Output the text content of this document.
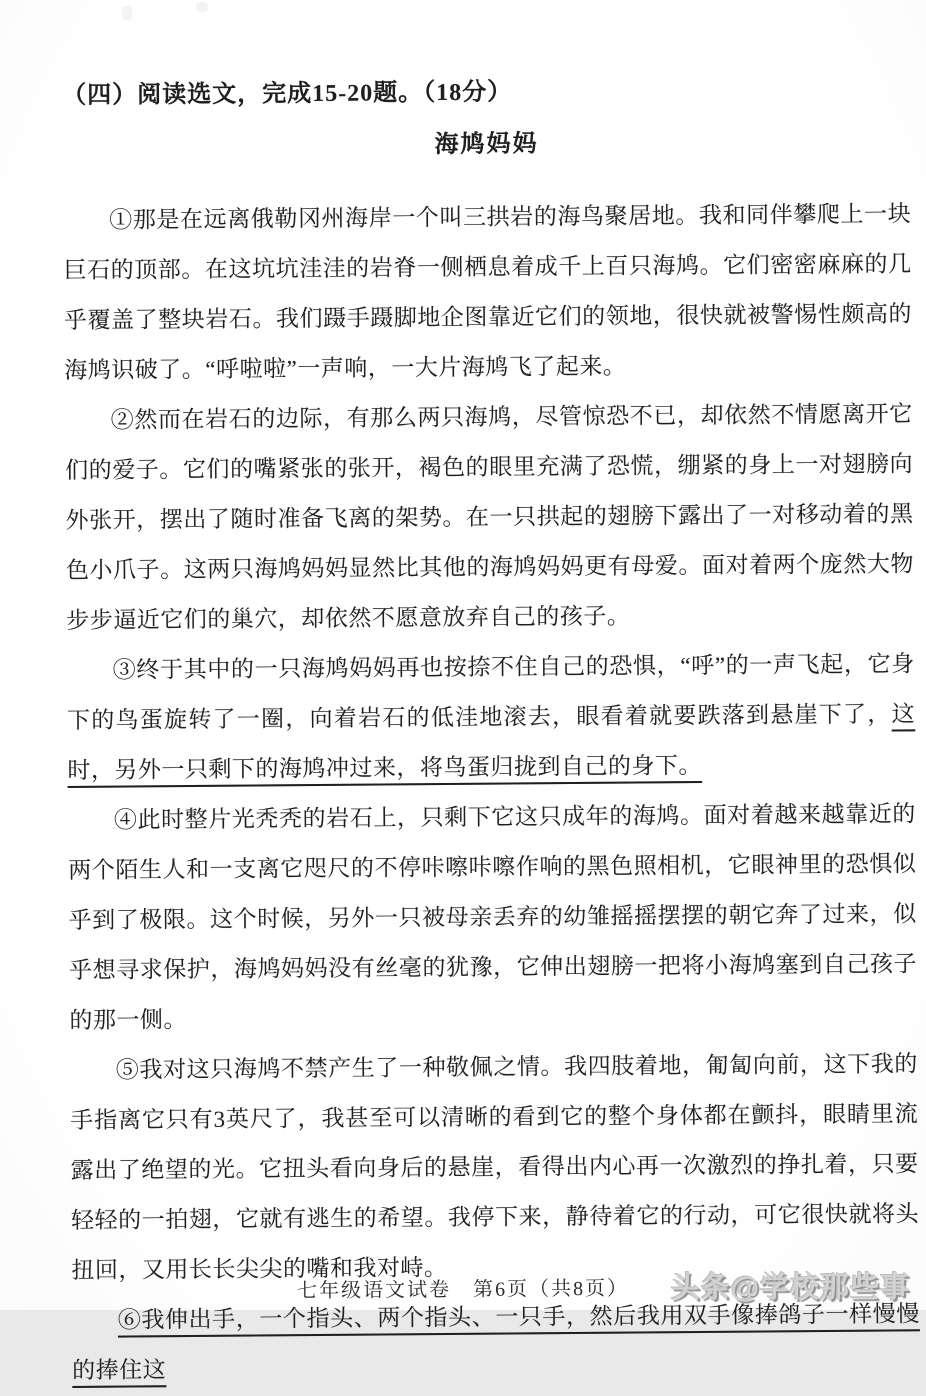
（四）阅读选文，完成15-20题。（18分）

海鸠妈妈

①那是在远离俄勒冈州海岸一个叫三拱岩的海鸟聚居地。我和同伴攀爬上一块巨石的顶部。在这坑坑洼洼的岩脊一侧栖息着成千上百只海鸠。它们密密麻麻的几乎覆盖了整块岩石。我们蹑手蹑脚地企图靠近它们的领地，很快就被警惕性颇高的海鸠识破了。“呼啦啦”一声响，一大片海鸠飞了起来。

②然而在岩石的边际，有那么两只海鸠，尽管惊恐不已，却依然不情愿离开它们的爱子。它们的嘴紧张的张开，褐色的眼里充满了恐慌，绷紧的身上一对翅膀向外张开，摆出了随时准备飞离的架势。在一只拱起的翅膀下露出了一对移动着的黑色小爪子。这两只海鸠妈妈显然比其他的海鸠妈妈更有母爱。面对着两个庞然大物步步逼近它们的巢穴，却依然不愿意放弃自己的孩子。

③终于其中的一只海鸠妈妈再也按捺不住自己的恐惧，“呼”的一声飞起，它身下的鸟蛋旋转了一圈，向着岩石的低洼地滚去，眼看着就要跌落到悬崖下了，这时，另外一只剩下的海鸠冲过来，将鸟蛋归拢到自己的身下。

④此时整片光秃秃的岩石上，只剩下它这只成年的海鸠。面对着越来越靠近的两个陌生人和一支离它咫尺的不停咔嚓咔嚓作响的黑色照相机，它眼神里的恐惧似乎到了极限。这个时候，另外一只被母亲丢弃的幼雏摇摇摆摆的朝它奔了过来，似乎想寻求保护，海鸠妈妈没有丝毫的犹豫，它伸出翅膀一把将小海鸠塞到自己孩子的那一侧。

⑤我对这只海鸠不禁产生了一种敬佩之情。我四肢着地，匍匐向前，这下我的手指离它只有3英尺了，我甚至可以清晰的看到它的整个身体都在颤抖，眼睛里流露出了绝望的光。它扭头看向身后的悬崖，看得出内心再一次激烈的挣扎着，只要轻轻的一拍翅，它就有逃生的希望。我停下来，静待着它的行动，可它很快就将头扭回，又用长长尖尖的嘴和我对峙。

⑥我伸出手，一个指头、两个指头、一只手，然后我用双手像捧鸽子一样慢慢的捧住这

七年级语文试卷　第6页（共8页）	头条@学校那些事
